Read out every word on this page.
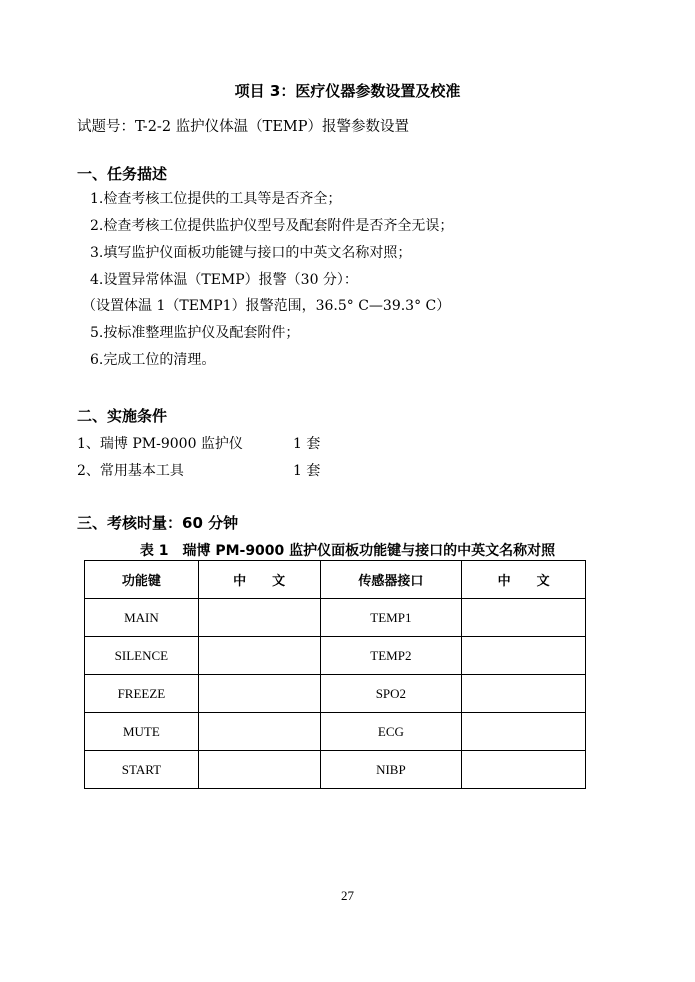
项目 3：医疗仪器参数设置及校准
试题号：T-2-2 监护仪体温（TEMP）报警参数设置
一、任务描述
1.检查考核工位提供的工具等是否齐全；
2.检查考核工位提供监护仪型号及配套附件是否齐全无误；
3.填写监护仪面板功能键与接口的中英文名称对照；
4.设置异常体温（TEMP）报警（30 分）：
（设置体温 1（TEMP1）报警范围，36.5° C—39.3° C）
5.按标准整理监护仪及配套附件；
6.完成工位的清理。
二、实施条件
1、瑞博 PM-9000 监护仪	1 套
2、常用基本工具	1 套
三、考核时量：60 分钟
表 1　瑞博 PM-9000 监护仪面板功能键与接口的中英文名称对照
功能键	中　　文	传感器接口	中　　文
MAIN		TEMP1	
SILENCE		TEMP2	
FREEZE		SPO2	
MUTE		ECG	
START		NIBP	
27
